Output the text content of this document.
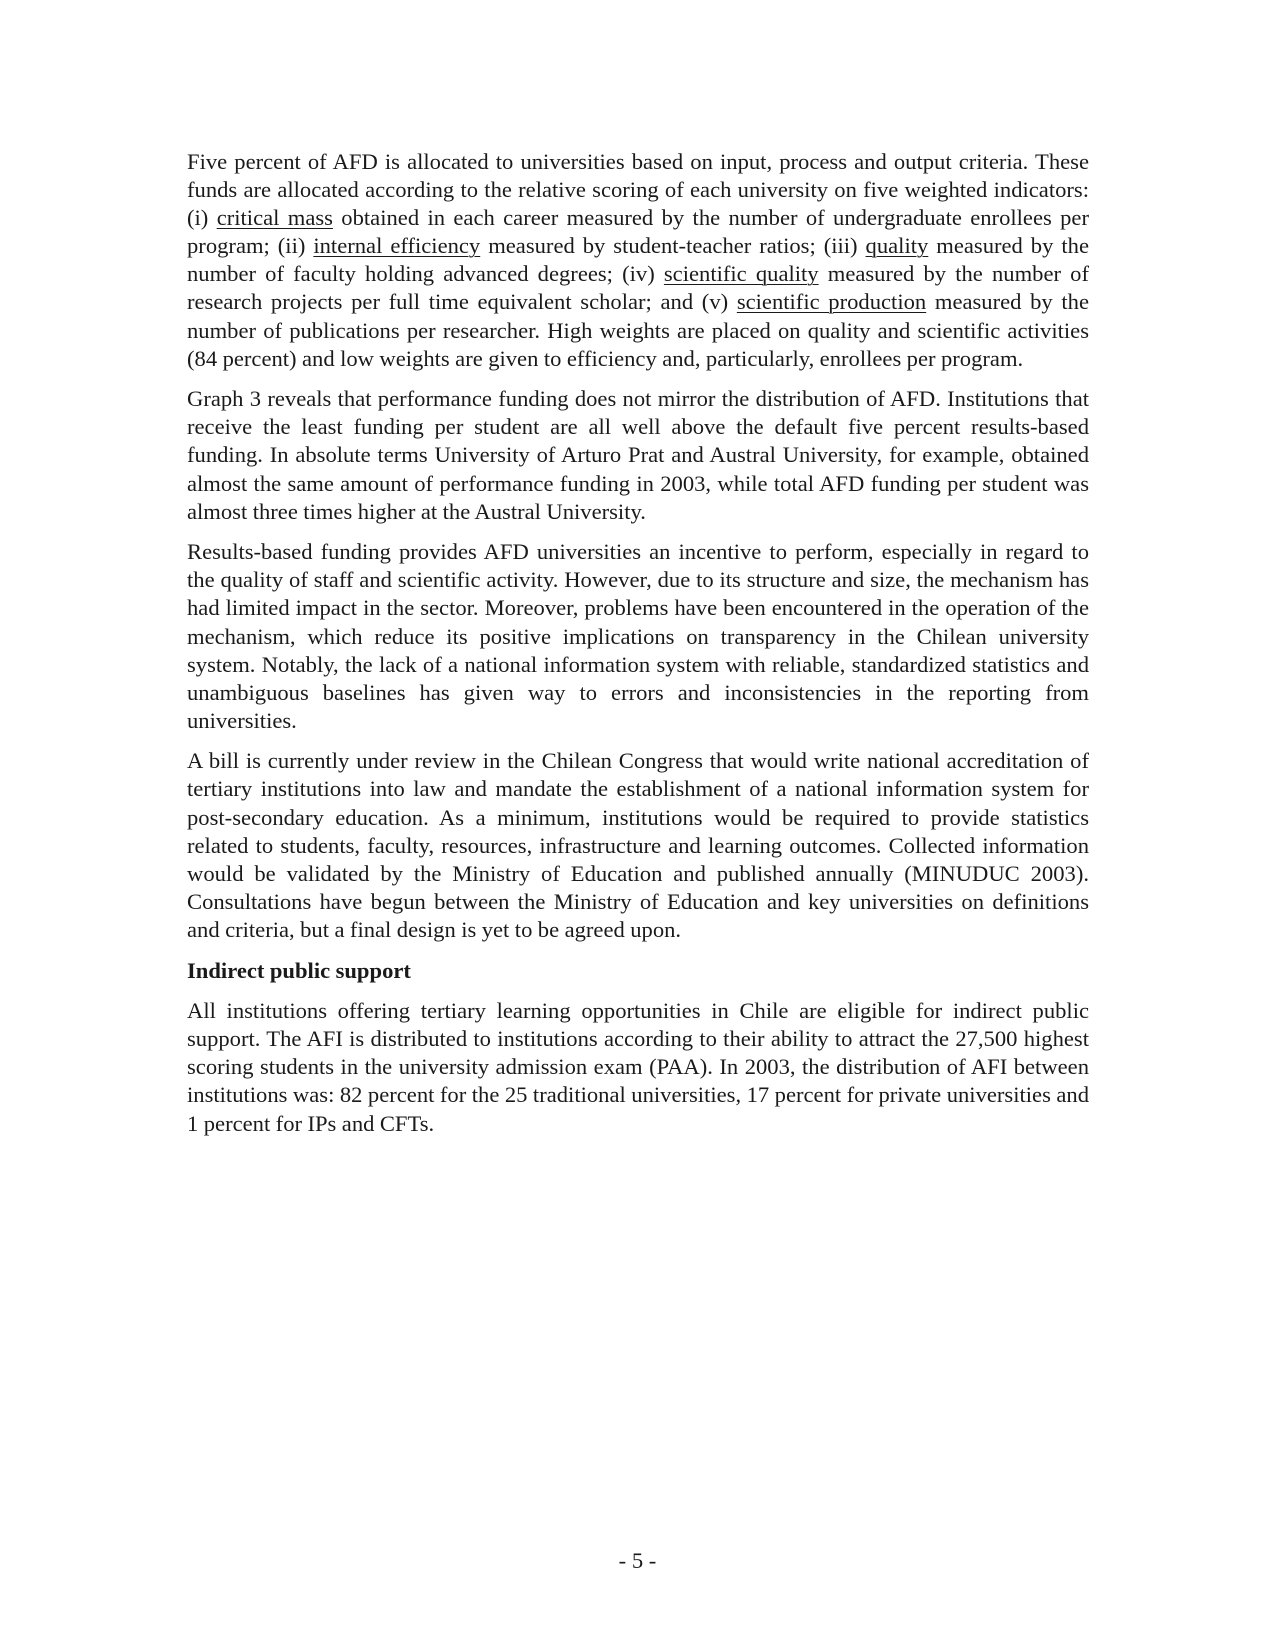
Five percent of AFD is allocated to universities based on input, process and output criteria. These funds are allocated according to the relative scoring of each university on five weighted indicators: (i) critical mass obtained in each career measured by the number of undergraduate enrollees per program; (ii) internal efficiency measured by student-teacher ratios; (iii) quality measured by the number of faculty holding advanced degrees; (iv) scientific quality measured by the number of research projects per full time equivalent scholar; and (v) scientific production measured by the number of publications per researcher. High weights are placed on quality and scientific activities (84 percent) and low weights are given to efficiency and, particularly, enrollees per program.

Graph 3 reveals that performance funding does not mirror the distribution of AFD. Institutions that receive the least funding per student are all well above the default five percent results-based funding. In absolute terms University of Arturo Prat and Austral University, for example, obtained almost the same amount of performance funding in 2003, while total AFD funding per student was almost three times higher at the Austral University.

Results-based funding provides AFD universities an incentive to perform, especially in regard to the quality of staff and scientific activity. However, due to its structure and size, the mechanism has had limited impact in the sector. Moreover, problems have been encountered in the operation of the mechanism, which reduce its positive implications on transparency in the Chilean university system. Notably, the lack of a national information system with reliable, standardized statistics and unambiguous baselines has given way to errors and inconsistencies in the reporting from universities.

A bill is currently under review in the Chilean Congress that would write national accreditation of tertiary institutions into law and mandate the establishment of a national information system for post-secondary education. As a minimum, institutions would be required to provide statistics related to students, faculty, resources, infrastructure and learning outcomes. Collected information would be validated by the Ministry of Education and published annually (MINUDUC 2003). Consultations have begun between the Ministry of Education and key universities on definitions and criteria, but a final design is yet to be agreed upon.

Indirect public support

All institutions offering tertiary learning opportunities in Chile are eligible for indirect public support. The AFI is distributed to institutions according to their ability to attract the 27,500 highest scoring students in the university admission exam (PAA). In 2003, the distribution of AFI between institutions was: 82 percent for the 25 traditional universities, 17 percent for private universities and 1 percent for IPs and CFTs.

- 5 -
